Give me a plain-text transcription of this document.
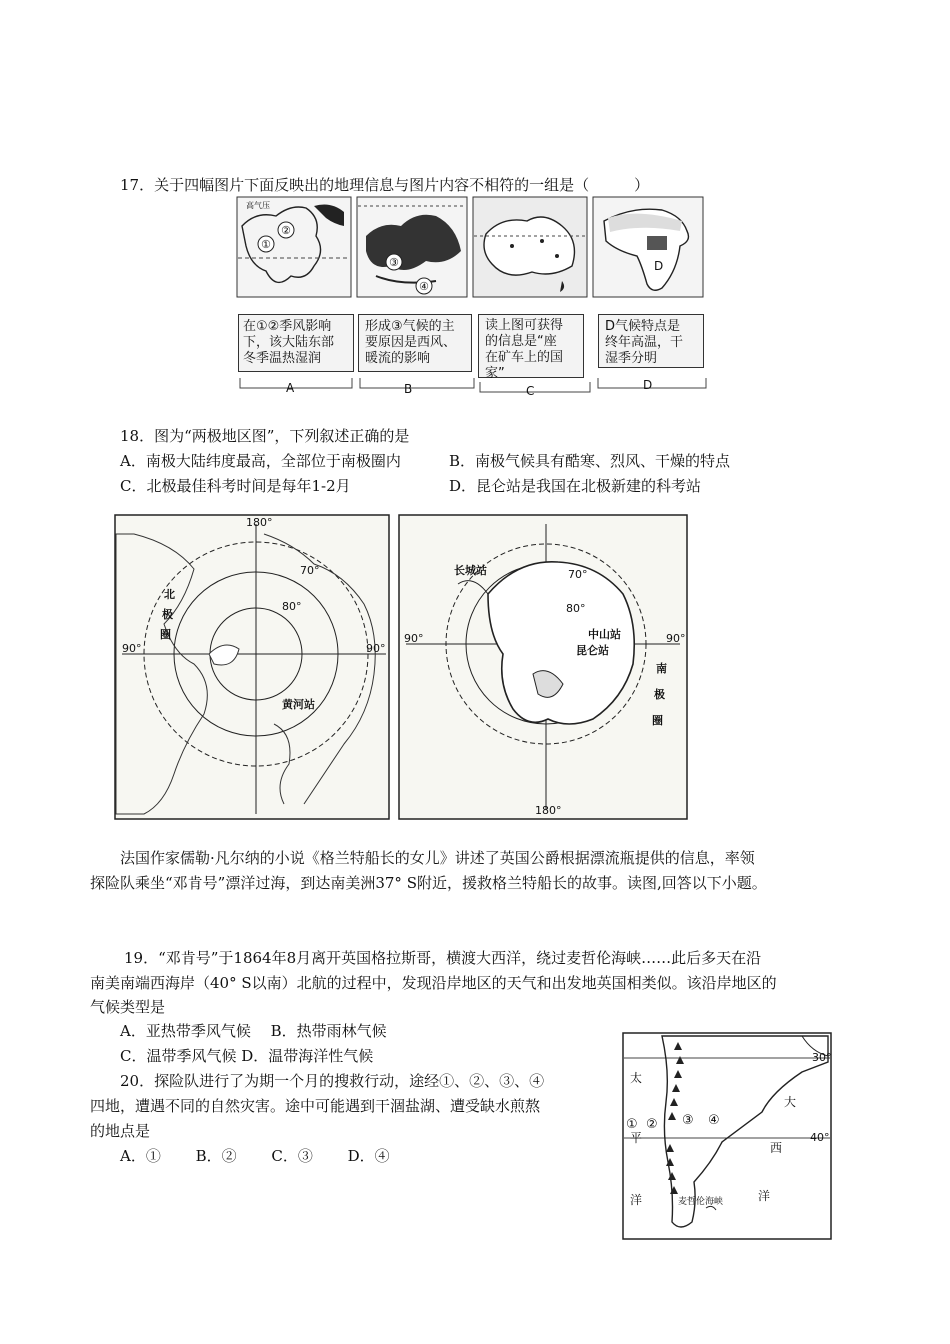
17．关于四幅图片下面反映出的地理信息与图片内容不相符的一组是（　　　）
①
②
高气压
③
④
D
在①②季风影响
下，该大陆东部
冬季温热湿润
形成③气候的主
要原因是西风、
暖流的影响
读上图可获得
的信息是“座
在矿车上的国
家”
D气候特点是
终年高温，干
湿季分明
A	B	C	D
18．图为“两极地区图”，下列叙述正确的是
A．南极大陆纬度最高，全部位于南极圈内	B．南极气候具有酷寒、烈风、干燥的特点
C．北极最佳科考时间是每年1-2月	D．昆仑站是我国在北极新建的科考站
180°
90°	90°
70°
80°
黄河站
北
极
圈
180°
90°	90°
70°
80°
长城站
中山站
昆仑站
南
极
圈
法国作家儒勒·凡尔纳的小说《格兰特船长的女儿》讲述了英国公爵根据漂流瓶提供的信息，率领
探险队乘坐“邓肯号”漂洋过海，到达南美洲37° S附近，援救格兰特船长的故事。读图,回答以下小题。
19．“邓肯号”于1864年8月离开英国格拉斯哥，横渡大西洋，绕过麦哲伦海峡……此后多天在沿
南美南端西海岸（40° S以南）北航的过程中，发现沿岸地区的天气和出发地英国相类似。该沿岸地区的
气候类型是
A．亚热带季风气候　 B．热带雨林气候
C．温带季风气候 D．温带海洋性气候
20．探险队进行了为期一个月的搜救行动，途经①、②、③、④
四地，遭遇不同的自然灾害。途中可能遇到干涸盐湖、遭受缺水煎熬
的地点是
A．①　　 B．②　　 C．③　　 D．④
30°
40°
太
平
洋
大
西
洋
麦哲伦海峡
① ② ③ ④
